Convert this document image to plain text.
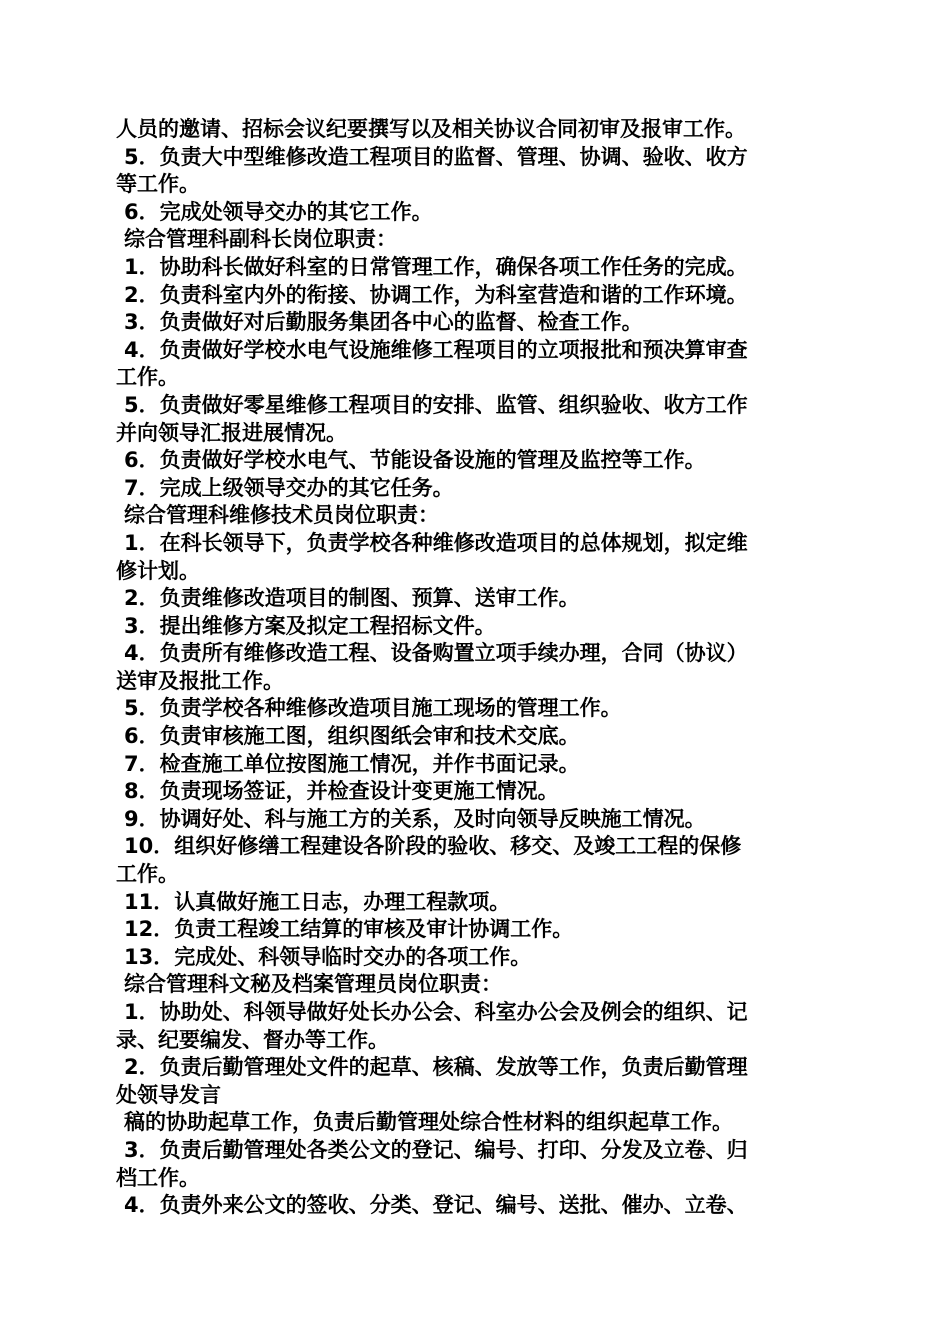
人员的邀请、招标会议纪要撰写以及相关协议合同初审及报审工作。
5．负责大中型维修改造工程项目的监督、管理、协调、验收、收方
等工作。
6．完成处领导交办的其它工作。
综合管理科副科长岗位职责：
1．协助科长做好科室的日常管理工作，确保各项工作任务的完成。
2．负责科室内外的衔接、协调工作，为科室营造和谐的工作环境。
3．负责做好对后勤服务集团各中心的监督、检查工作。
4．负责做好学校水电气设施维修工程项目的立项报批和预决算审查
工作。
5．负责做好零星维修工程项目的安排、监管、组织验收、收方工作
并向领导汇报进展情况。
6．负责做好学校水电气、节能设备设施的管理及监控等工作。
7．完成上级领导交办的其它任务。
综合管理科维修技术员岗位职责：
1．在科长领导下，负责学校各种维修改造项目的总体规划，拟定维
修计划。
2．负责维修改造项目的制图、预算、送审工作。
3．提出维修方案及拟定工程招标文件。
4．负责所有维修改造工程、设备购置立项手续办理，合同（协议）
送审及报批工作。
5．负责学校各种维修改造项目施工现场的管理工作。
6．负责审核施工图，组织图纸会审和技术交底。
7．检查施工单位按图施工情况，并作书面记录。
8．负责现场签证，并检查设计变更施工情况。
9．协调好处、科与施工方的关系，及时向领导反映施工情况。
10．组织好修缮工程建设各阶段的验收、移交、及竣工工程的保修
工作。
11．认真做好施工日志，办理工程款项。
12．负责工程竣工结算的审核及审计协调工作。
13．完成处、科领导临时交办的各项工作。
综合管理科文秘及档案管理员岗位职责：
1．协助处、科领导做好处长办公会、科室办公会及例会的组织、记
录、纪要编发、督办等工作。
2．负责后勤管理处文件的起草、核稿、发放等工作，负责后勤管理
处领导发言
稿的协助起草工作，负责后勤管理处综合性材料的组织起草工作。
3．负责后勤管理处各类公文的登记、编号、打印、分发及立卷、归
档工作。
4．负责外来公文的签收、分类、登记、编号、送批、催办、立卷、
